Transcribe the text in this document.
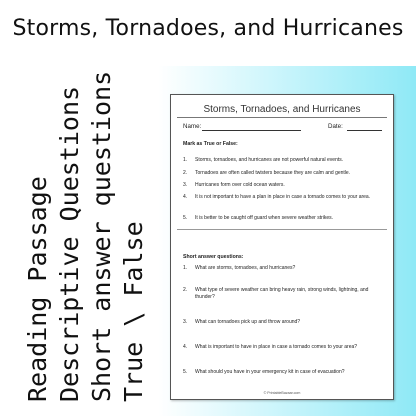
Storms, Tornadoes, and Hurricanes
Reading Passage Descriptive Questions Short answer questions True \ False
Storms, Tornadoes, and Hurricanes
Name:	Date:
Mark as True or False:
1. Storms, tornadoes, and hurricanes are not powerful natural events.
2. Tornadoes are often called twisters because they are calm and gentle.
3. Hurricanes form over cold ocean waters.
4. It is not important to have a plan in place in case a tornado comes to your area.
5. It is better to be caught off guard when severe weather strikes.
Short answer questions:
1. What are storms, tornadoes, and hurricanes?
2. What type of severe weather can bring heavy rain, strong winds, lightning, and thunder?
3. What can tornadoes pick up and throw around?
4. What is important to have in place in case a tornado comes to your area?
5. What should you have in your emergency kit in case of evacuation?
© PrintableBazaar.com
